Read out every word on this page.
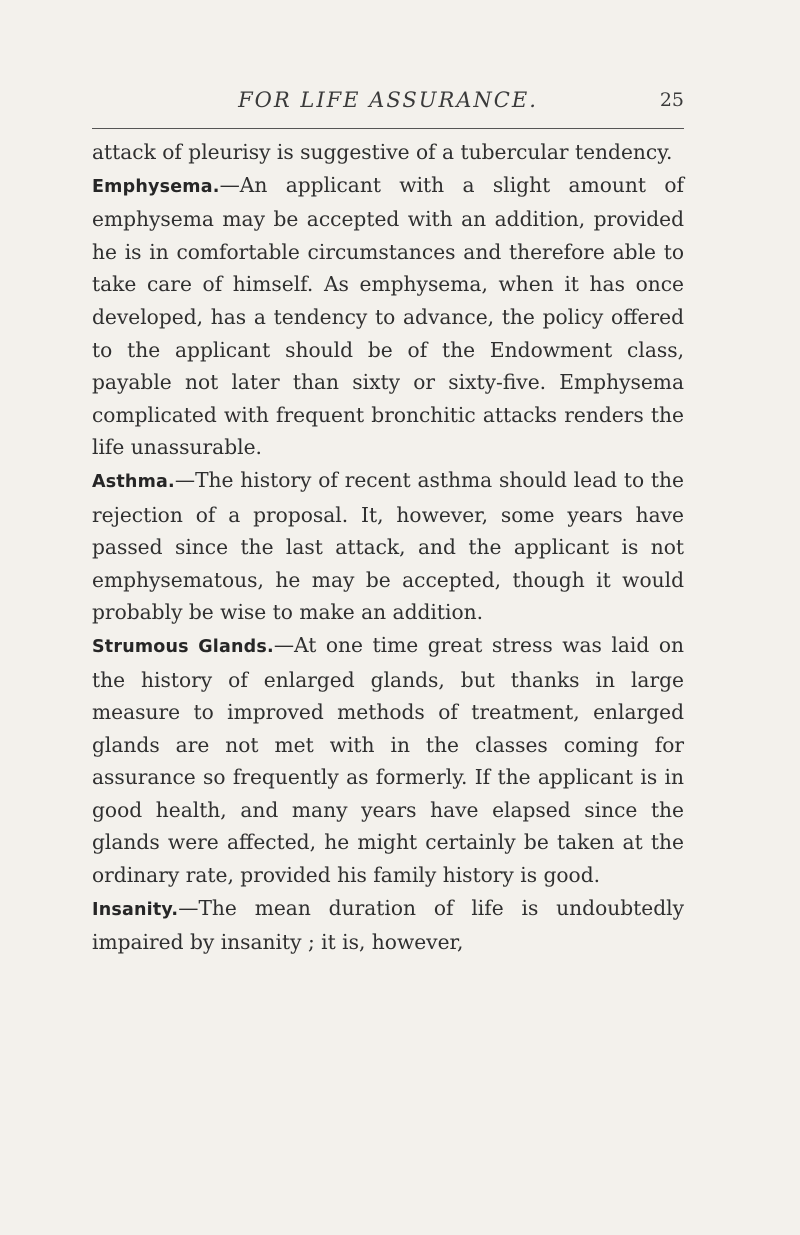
FOR LIFE ASSURANCE.	25

attack of pleurisy is suggestive of a tubercular tendency.

Emphysema.—An applicant with a slight amount of emphysema may be accepted with an addition, provided he is in comfortable circumstances and therefore able to take care of himself. As emphysema, when it has once developed, has a tendency to advance, the policy offered to the applicant should be of the Endowment class, payable not later than sixty or sixty-five. Emphysema complicated with frequent bronchitic attacks renders the life unassurable.

Asthma.—The history of recent asthma should lead to the rejection of a proposal. It, however, some years have passed since the last attack, and the applicant is not emphysematous, he may be accepted, though it would probably be wise to make an addition.

Strumous Glands.—At one time great stress was laid on the history of enlarged glands, but thanks in large measure to improved methods of treatment, enlarged glands are not met with in the classes coming for assurance so frequently as formerly. If the applicant is in good health, and many years have elapsed since the glands were affected, he might certainly be taken at the ordinary rate, provided his family history is good.

Insanity.—The mean duration of life is undoubtedly impaired by insanity ; it is, however,
